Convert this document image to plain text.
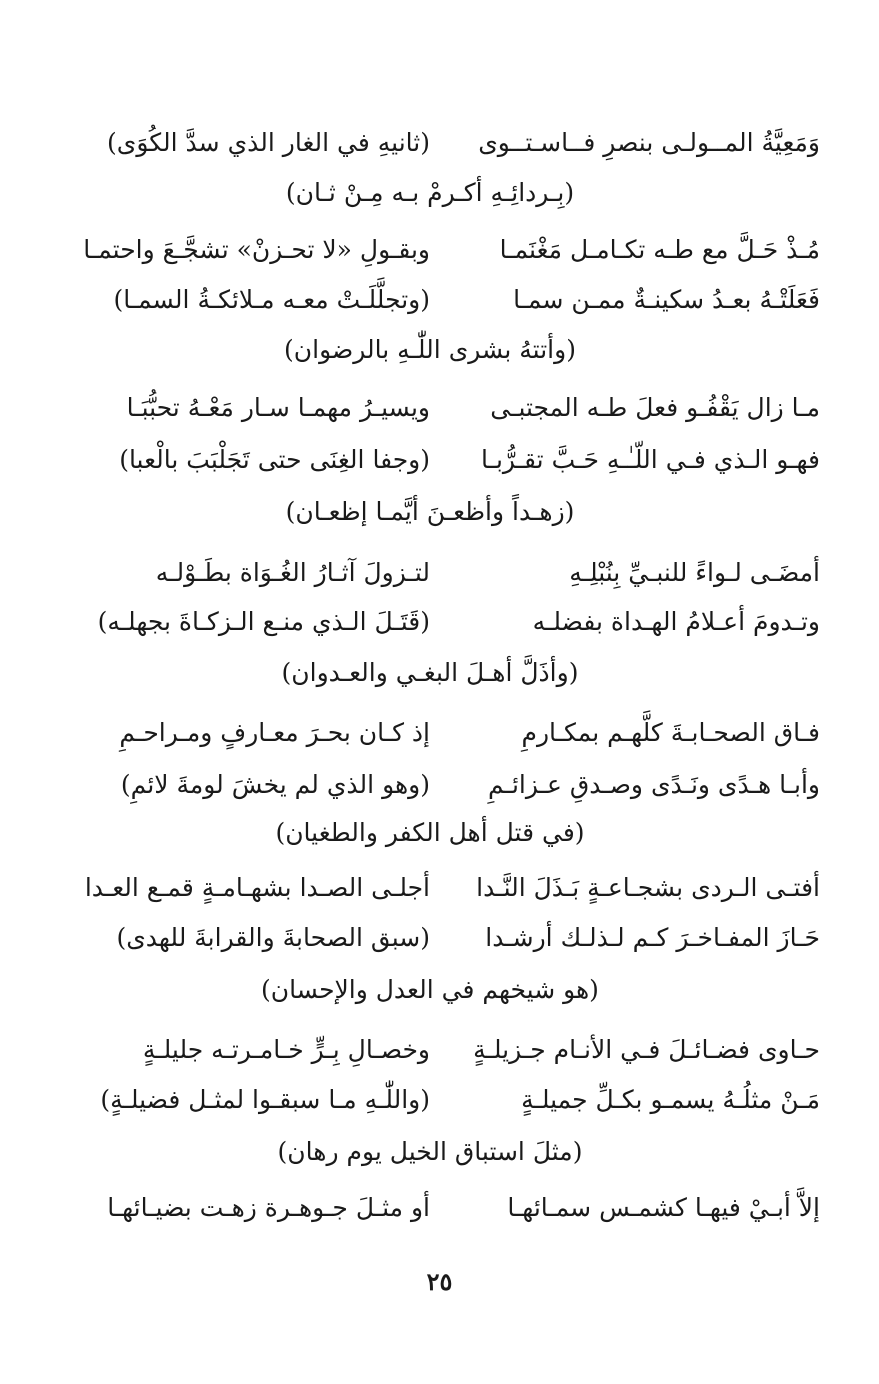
وَمَعِيَّةُ المــولـى بنصرِ فــاسـتــوى
(ثانيهِ في الغار الذي سدَّ الكُوَى)
(بِـردائِـهِ أكـرمْ بـه مِـنْ ثـان)
مُـذْ حَـلَّ مع طـه تكـامـل مَغْنَمـا
وبقـولِ «لا تحـزنْ» تشجَّـعَ واحتمـا
فَعَلَتْـهُ بعـدُ سكينـةٌ ممـن سمـا
(وتجلَّلَـتْ معـه مـلائكـةُ السمـا)
(وأتتهُ بشرى اللّٰـهِ بالرضوان)
مـا زال يَقْفُـو فعلَ طـه المجتبـى
ويسيـرُ مهمـا سـار مَعْـهُ تحبُّبَـا
فهـو الـذي فـي اللّـٰـهِ حَـبَّ تقـرُّبـا
(وجفا الغِنَى حتى تَجَلْبَبَ بالْعبا)
(زهـداً وأظعـنَ أيَّمـا إظعـان)
أمضَـى لـواءً للنبـيِّ بِنُبْلِـهِ
لتـزولَ آثـارُ الغُـوَاة بطَـوْلـه
وتـدومَ أعـلامُ الهـداة بفضلـه
(قَتَـلَ الـذي منـع الـزكـاةَ بجهلـه)
(وأذَلَّ أهـلَ البغـي والعـدوان)
فـاق الصحـابـةَ كلَّهـم بمكـارمِ
إذ كـان بحـرَ معـارفٍ ومـراحـمِ
وأبـا هـدًى ونَـدًى وصـدقِ عـزائـمِ
(وهو الذي لم يخشَ لومةَ لائمِ)
(في قتل أهل الكفر والطغيان)
أفتـى الـردى بشجـاعـةٍ بَـذَلَ النَّـدا
أجلـى الصـدا بشهـامـةٍ قمـع العـدا
حَـازَ المفـاخـرَ كـم لـذلـك أرشـدا
(سبق الصحابةَ والقرابةَ للهدى)
(هو شيخهم في العدل والإحسان)
حـاوى فضـائـلَ فـي الأنـام جـزيلـةٍ
وخصـالِ بِـرٍّ خـامـرتـه جليلـةٍ
مَـنْ مثلُـهُ يسمـو بكـلِّ جميلـةٍ
(واللّٰـهِ مـا سبقـوا لمثـل فضيلـةٍ)
(مثلَ استباق الخيل يوم رهان)
إلاَّ أبـيْ فيهـا كشمـس سمـائهـا
أو مثـلَ جـوهـرة زهـت بضيـائهـا
٢٥
